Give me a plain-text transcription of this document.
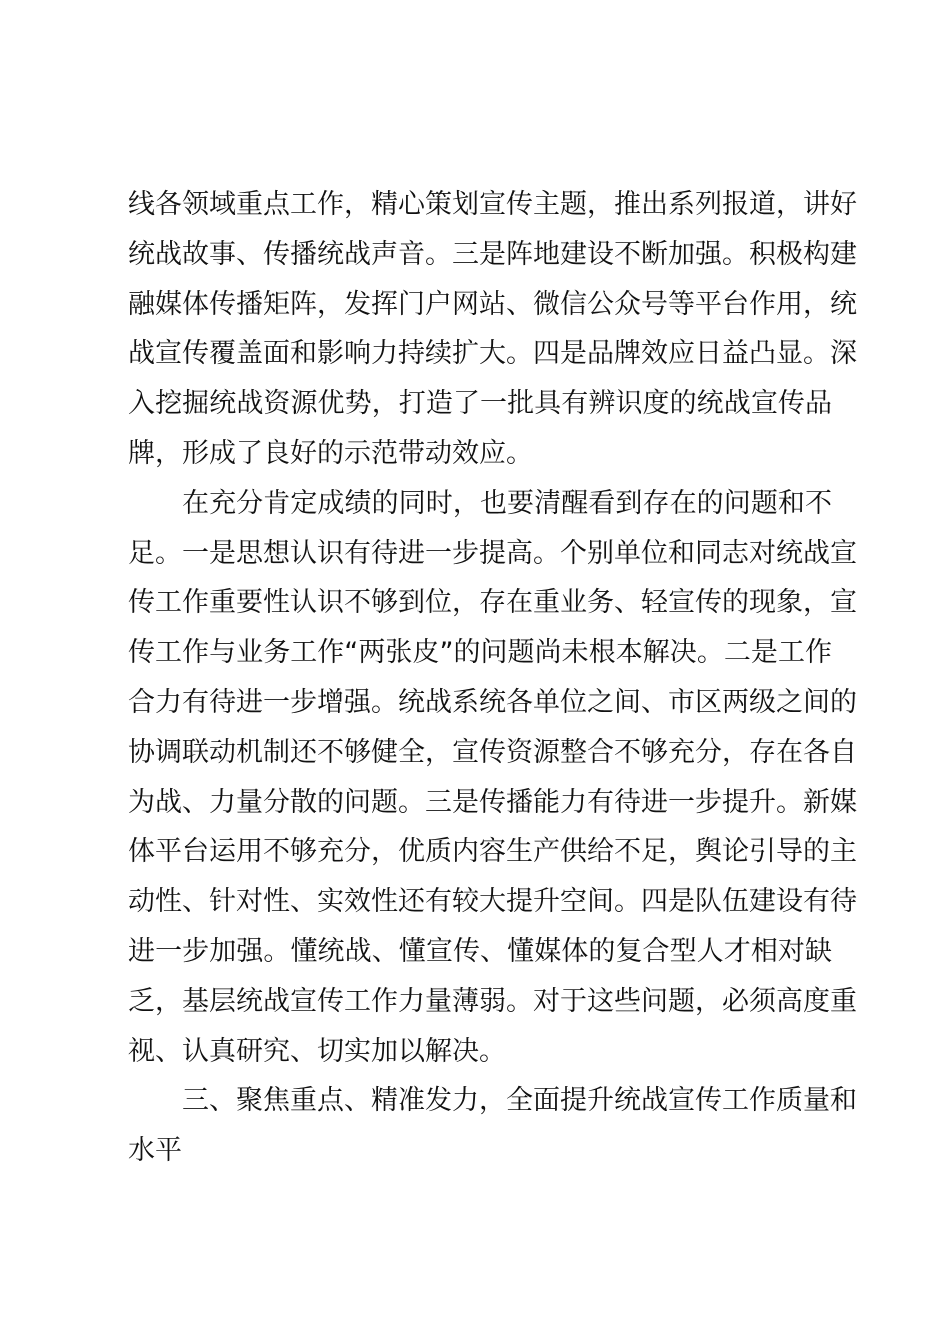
线各领域重点工作，精心策划宣传主题，推出系列报道，讲好
统战故事、传播统战声音。三是阵地建设不断加强。积极构建
融媒体传播矩阵，发挥门户网站、微信公众号等平台作用，统
战宣传覆盖面和影响力持续扩大。四是品牌效应日益凸显。深
入挖掘统战资源优势，打造了一批具有辨识度的统战宣传品
牌，形成了良好的示范带动效应。
在充分肯定成绩的同时，也要清醒看到存在的问题和不
足。一是思想认识有待进一步提高。个别单位和同志对统战宣
传工作重要性认识不够到位，存在重业务、轻宣传的现象，宣
传工作与业务工作“两张皮”的问题尚未根本解决。二是工作
合力有待进一步增强。统战系统各单位之间、市区两级之间的
协调联动机制还不够健全，宣传资源整合不够充分，存在各自
为战、力量分散的问题。三是传播能力有待进一步提升。新媒
体平台运用不够充分，优质内容生产供给不足，舆论引导的主
动性、针对性、实效性还有较大提升空间。四是队伍建设有待
进一步加强。懂统战、懂宣传、懂媒体的复合型人才相对缺
乏，基层统战宣传工作力量薄弱。对于这些问题，必须高度重
视、认真研究、切实加以解决。
三、聚焦重点、精准发力，全面提升统战宣传工作质量和
水平
